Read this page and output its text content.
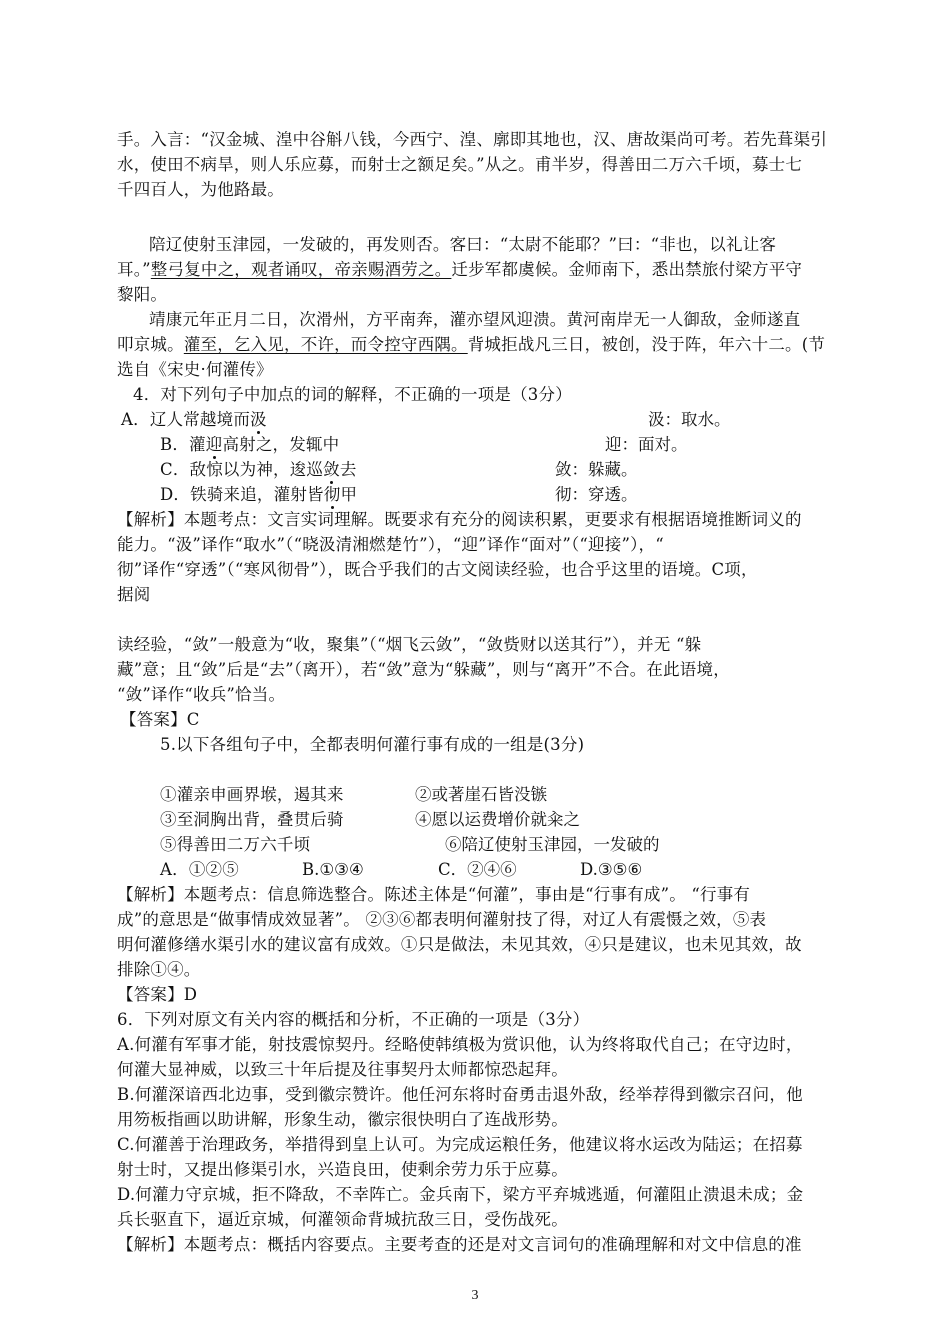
手。入言：“汉金城、湟中谷斛八钱，今西宁、湟、廓即其地也，汉、唐故渠尚可考。若先葺渠引
水，使田不病旱，则人乐应募，而射士之额足矣。”从之。甫半岁，得善田二万六千顷，募士七
千四百人，为他路最。
陪辽使射玉津园，一发破的，再发则否。客曰：“太尉不能耶？”曰：“非也，以礼让客
耳。”整弓复中之，观者诵叹，帝亲赐酒劳之。迁步军都虞候。金师南下，悉出禁旅付梁方平守
黎阳。
靖康元年正月二日，次滑州，方平南奔，灌亦望风迎溃。黄河南岸无一人御敌，金师遂直
叩京城。灌至，乞入见，不许，而令控守西隅。背城拒战凡三日，被创，没于阵，年六十二。(节
选自《宋史·何灌传》
4．对下列句子中加点的词的解释，不正确的一项是（3分）
A．辽人常越境而汲	汲：取水。
B．灌迎高射之，发辄中	迎：面对。
C．敌惊以为神，逡巡敛去	敛：躲藏。
D．铁骑来追，灌射皆彻甲	彻：穿透。
【解析】本题考点：文言实词理解。既要求有充分的阅读积累，更要求有根据语境推断词义的
能力。“汲”译作“取水”（“晓汲清湘燃楚竹”），“迎”译作“面对”（“迎接”），“
彻”译作“穿透”（“寒风彻骨”），既合乎我们的古文阅读经验，也合乎这里的语境。C项，
据阅
读经验，“敛”一般意为“收，聚集”（“烟飞云敛”，“敛赀财以送其行”），并无 “躲
藏”意；且“敛”后是“去”（离开），若“敛”意为“躲藏”，则与“离开”不合。在此语境，
“敛”译作“收兵”恰当。
【答案】C
5.以下各组句子中，全都表明何灌行事有成的一组是(3分)
①灌亲申画界堠，遏其来	②或著崖石皆没镞
③至洞胸出背，叠贯后骑	④愿以运费增价就籴之
⑤得善田二万六千顷	⑥陪辽使射玉津园，一发破的
A．①②⑤	B.①③④	C．②④⑥	D.③⑤⑥
【解析】本题考点：信息筛选整合。陈述主体是“何灌”，事由是“行事有成”。 “行事有
成”的意思是“做事情成效显著”。 ②③⑥都表明何灌射技了得，对辽人有震慑之效，⑤表
明何灌修缮水渠引水的建议富有成效。①只是做法，未见其效，④只是建议，也未见其效，故
排除①④。
【答案】D
6．下列对原文有关内容的概括和分析，不正确的一项是（3分）
A.何灌有军事才能，射技震惊契丹。经略使韩缜极为赏识他，认为终将取代自己；在守边时，
何灌大显神威，以致三十年后提及往事契丹太师都惊恐起拜。
B.何灌深谙西北边事，受到徽宗赞许。他任河东将时奋勇击退外敌，经举荐得到徽宗召问，他
用笏板指画以助讲解，形象生动，徽宗很快明白了连战形势。
C.何灌善于治理政务，举措得到皇上认可。为完成运粮任务，他建议将水运改为陆运；在招募
射士时，又提出修渠引水，兴造良田，使剩余劳力乐于应募。
D.何灌力守京城，拒不降敌，不幸阵亡。金兵南下，梁方平弃城逃遁，何灌阻止溃退未成；金
兵长驱直下，逼近京城，何灌领命背城抗敌三日，受伤战死。
【解析】本题考点：概括内容要点。主要考查的还是对文言词句的准确理解和对文中信息的准
3
